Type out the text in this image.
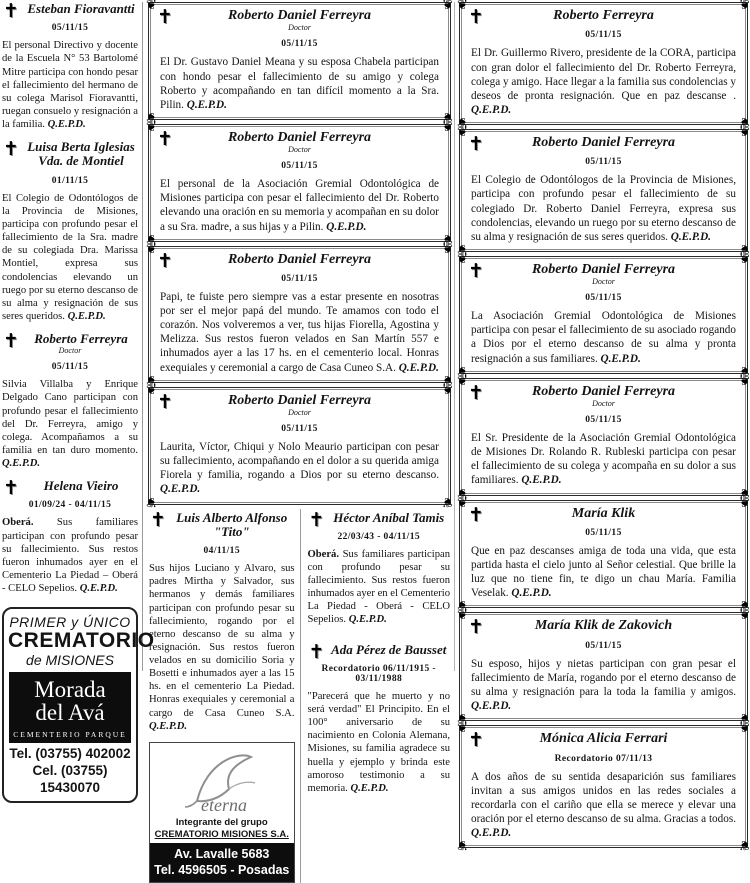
✝ Esteban Fioravantti
05/11/15
El personal Directivo y docente de la Escuela N° 53 Bartolomé Mitre participa con hondo pesar el fallecimiento del hermano de su colega Marisol Fioravantti, ruegan consuelo y resignación a la familia. Q.E.P.D.
✝ Luisa Berta Iglesias Vda. de Montiel
01/11/15
El Colegio de Odontólogos de la Provincia de Misiones, participa con profundo pesar el fallecimiento de la Sra. madre de su colegiada Dra. Marissa Montiel, expresa sus condolencias elevando un ruego por su eterno descanso de su alma y resignación de sus seres queridos. Q.E.P.D.
✝	Roberto Ferreyra
Doctor
05/11/15
Silvia Villalba y Enrique Delgado Cano participan con profundo pesar el fallecimiento del Dr. Ferreyra, amigo y colega. Acompañamos a su familia en tan duro momento. Q.E.P.D.
✝	Helena Vieiro
01/09/24 - 04/11/15
Oberá. Sus familiares participan con profundo pesar su fallecimiento. Sus restos fueron inhumados ayer en el Cementerio La Piedad – Oberá - CELO Sepelios. Q.E.P.D.
PRIMER y ÚNICO
CREMATORIO
de MISIONES
Morada
del Avá
CEMENTERIO PARQUE
Tel. (03755) 402002
Cel. (03755) 15430070
❦	❦
❦	❦
✝	Roberto Daniel Ferreyra
Doctor
05/11/15
El Dr. Gustavo Daniel Meana y su esposa Chabela participan con hondo pesar el fallecimiento de su amigo y colega Roberto y acompañando en tan difícil momento a la Sra. Pilin. Q.E.P.D.
❦	❦
❦	❦
✝	Roberto Daniel Ferreyra
Doctor
05/11/15
El personal de la Asociación Gremial Odontológica de Misiones participa con pesar el fallecimiento del Dr. Roberto elevando una oración en su memoria y acompañan en su dolor a su Sra. madre, a sus hijas y a Pilin. Q.E.P.D.
❦	❦
❦	❦
✝	Roberto Daniel Ferreyra
05/11/15
Papi, te fuiste pero siempre vas a estar presente en nosotras por ser el mejor papá del mundo. Te amamos con todo el corazón. Nos volveremos a ver, tus hijas Fiorella, Agostina y Melizza. Sus restos fueron velados en San Martín 557 e inhumados ayer a las 17 hs. en el cementerio local. Honras exequiales y ceremonial a cargo de Casa Cuneo S.A. Q.E.P.D.
❦	❦
❦	❦
✝	Roberto Daniel Ferreyra
Doctor
05/11/15
Laurita, Víctor, Chiqui y Nolo Meaurio participan con pesar su fallecimiento, acompañando en el dolor a su querida amiga Fiorela y familia, rogando a Dios por su eterno descanso. Q.E.P.D.
✝ Luis Alberto Alfonso "Tito"
04/11/15
Sus hijos Luciano y Alvaro, sus padres Mirtha y Salvador, sus hermanos y demás familiares participan con profundo pesar su fallecimiento, rogando por el eterno descanso de su alma y resignación. Sus restos fueron velados en su domicilio Soria y Bosetti e inhumados ayer a las 15 hs. en el cementerio La Piedad. Honras exequiales y ceremonial a cargo de Casa Cuneo S.A. Q.E.P.D.
eterna
Integrante del grupo
CREMATORIO MISIONES S.A.
Av. Lavalle 5683
Tel. 4596505 - Posadas
✝ Héctor Aníbal Tamis
22/03/43 - 04/11/15
Oberá. Sus familiares participan con profundo pesar su fallecimiento. Sus restos fueron inhumados ayer en el Cementerio La Piedad - Oberá - CELO Sepelios. Q.E.P.D.
✝ Ada Pérez de Bausset
Recordatorio 06/11/1915 - 03/11/1988
"Parecerá que he muerto y no será verdad" El Principito. En el 100° aniversario de su nacimiento en Colonia Alemana, Misiones, su familia agradece su huella y ejemplo y brinda este amoroso testimonio a su memoria. Q.E.P.D.
❦	❦
❦	❦
✝	Roberto Ferreyra
05/11/15
El Dr. Guillermo Rivero, presidente de la CORA, participa con gran dolor el fallecimiento del Dr. Roberto Ferreyra, colega y amigo. Hace llegar a la familia sus condolencias y deseos de pronta resignación. Que en paz descanse . Q.E.P.D.
❦	❦
❦	❦
✝	Roberto Daniel Ferreyra
05/11/15
El Colegio de Odontólogos de la Provincia de Misiones, participa con profundo pesar el fallecimiento de su colegiado Dr. Roberto Daniel Ferreyra, expresa sus condolencias, elevando un ruego por su eterno descanso de su alma y resignación de sus seres queridos. Q.E.P.D.
❦	❦
❦	❦
✝	Roberto Daniel Ferreyra
Doctor
05/11/15
La Asociación Gremial Odontológica de Misiones participa con pesar el fallecimiento de su asociado rogando a Dios por el eterno descanso de su alma y pronta resignación a sus familiares. Q.E.P.D.
❦	❦
❦	❦
✝	Roberto Daniel Ferreyra
Doctor
05/11/15
El Sr. Presidente de la Asociación Gremial Odontológica de Misiones Dr. Rolando R. Rubleski participa con pesar el fallecimiento de su colega y acompaña en su dolor a sus familiares. Q.E.P.D.
❦	❦
❦	❦
✝	María Klik
05/11/15
Que en paz descanses amiga de toda una vida, que esta partida hasta el cielo junto al Señor celestial. Que brille la luz que no tiene fin, te digo un chau María. Familia Veselak. Q.E.P.D.
❦	❦
❦	❦
✝	María Klik de Zakovich
05/11/15
Su esposo, hijos y nietas participan con gran pesar el fallecimiento de María, rogando por el eterno descanso de su alma y resignación para la toda la familia y amigos. Q.E.P.D.
❦	❦
❦	❦
✝	Mónica Alicia Ferrari
Recordatorio 07/11/13
A dos años de su sentida desaparición sus familiares invitan a sus amigos unidos en las redes sociales a recordarla con el cariño que ella se merece y elevar una oración por el eterno descanso de su alma. Gracias a todos. Q.E.P.D.
